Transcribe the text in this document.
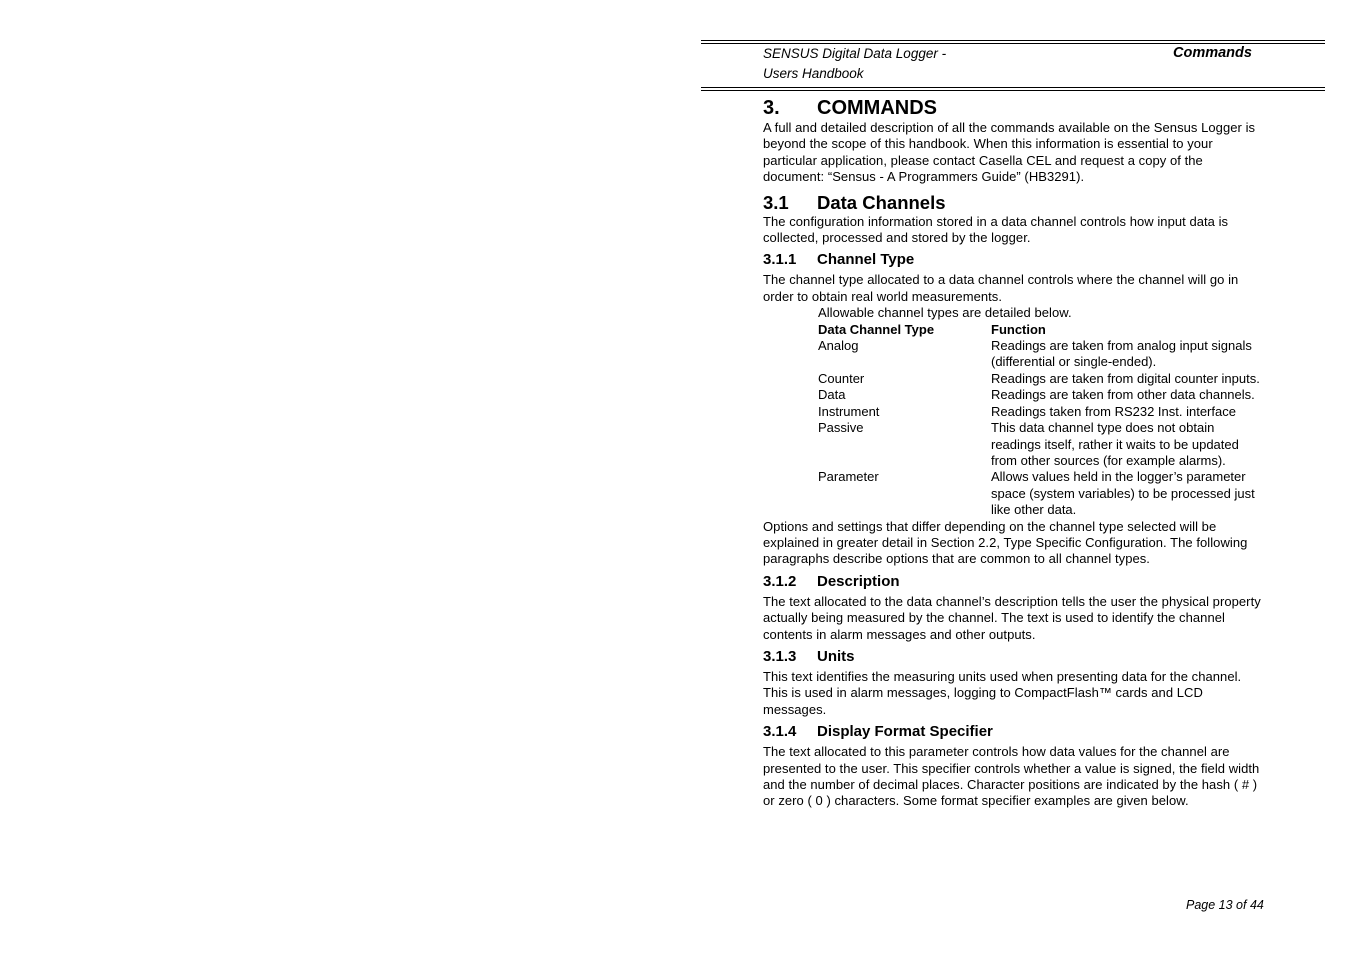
SENSUS Digital Data Logger -
Users Handbook
Commands
3. COMMANDS

A full and detailed description of all the commands available on the Sensus Logger is beyond the scope of this handbook. When this information is essential to your particular application, please contact Casella CEL and request a copy of the document: “Sensus - A Programmers Guide” (HB3291).

3.1 Data Channels

The configuration information stored in a data channel controls how input data is collected, processed and stored by the logger.

3.1.1 Channel Type

The channel type allocated to a data channel controls where the channel will go in order to obtain real world measurements.

Allowable channel types are detailed below.

Data Channel Type	Function
Analog	Readings are taken from analog input signals (differential or single-ended).
Counter	Readings are taken from digital counter inputs.
Data	Readings are taken from other data channels.
Instrument	Readings taken from RS232 Inst. interface
Passive	This data channel type does not obtain readings itself, rather it waits to be updated from other sources (for example alarms).
Parameter	Allows values held in the logger’s parameter space (system variables) to be processed just like other data.

Options and settings that differ depending on the channel type selected will be explained in greater detail in Section 2.2, Type Specific Configuration. The following paragraphs describe options that are common to all channel types.

3.1.2 Description

The text allocated to the data channel’s description tells the user the physical property actually being measured by the channel. The text is used to identify the channel contents in alarm messages and other outputs.

3.1.3 Units

This text identifies the measuring units used when presenting data for the channel. This is used in alarm messages, logging to CompactFlash™ cards and LCD messages.

3.1.4 Display Format Specifier

The text allocated to this parameter controls how data values for the channel are presented to the user. This specifier controls whether a value is signed, the field width and the number of decimal places. Character positions are indicated by the hash ( # ) or zero ( 0 ) characters. Some format specifier examples are given below.

Page 13 of 44
